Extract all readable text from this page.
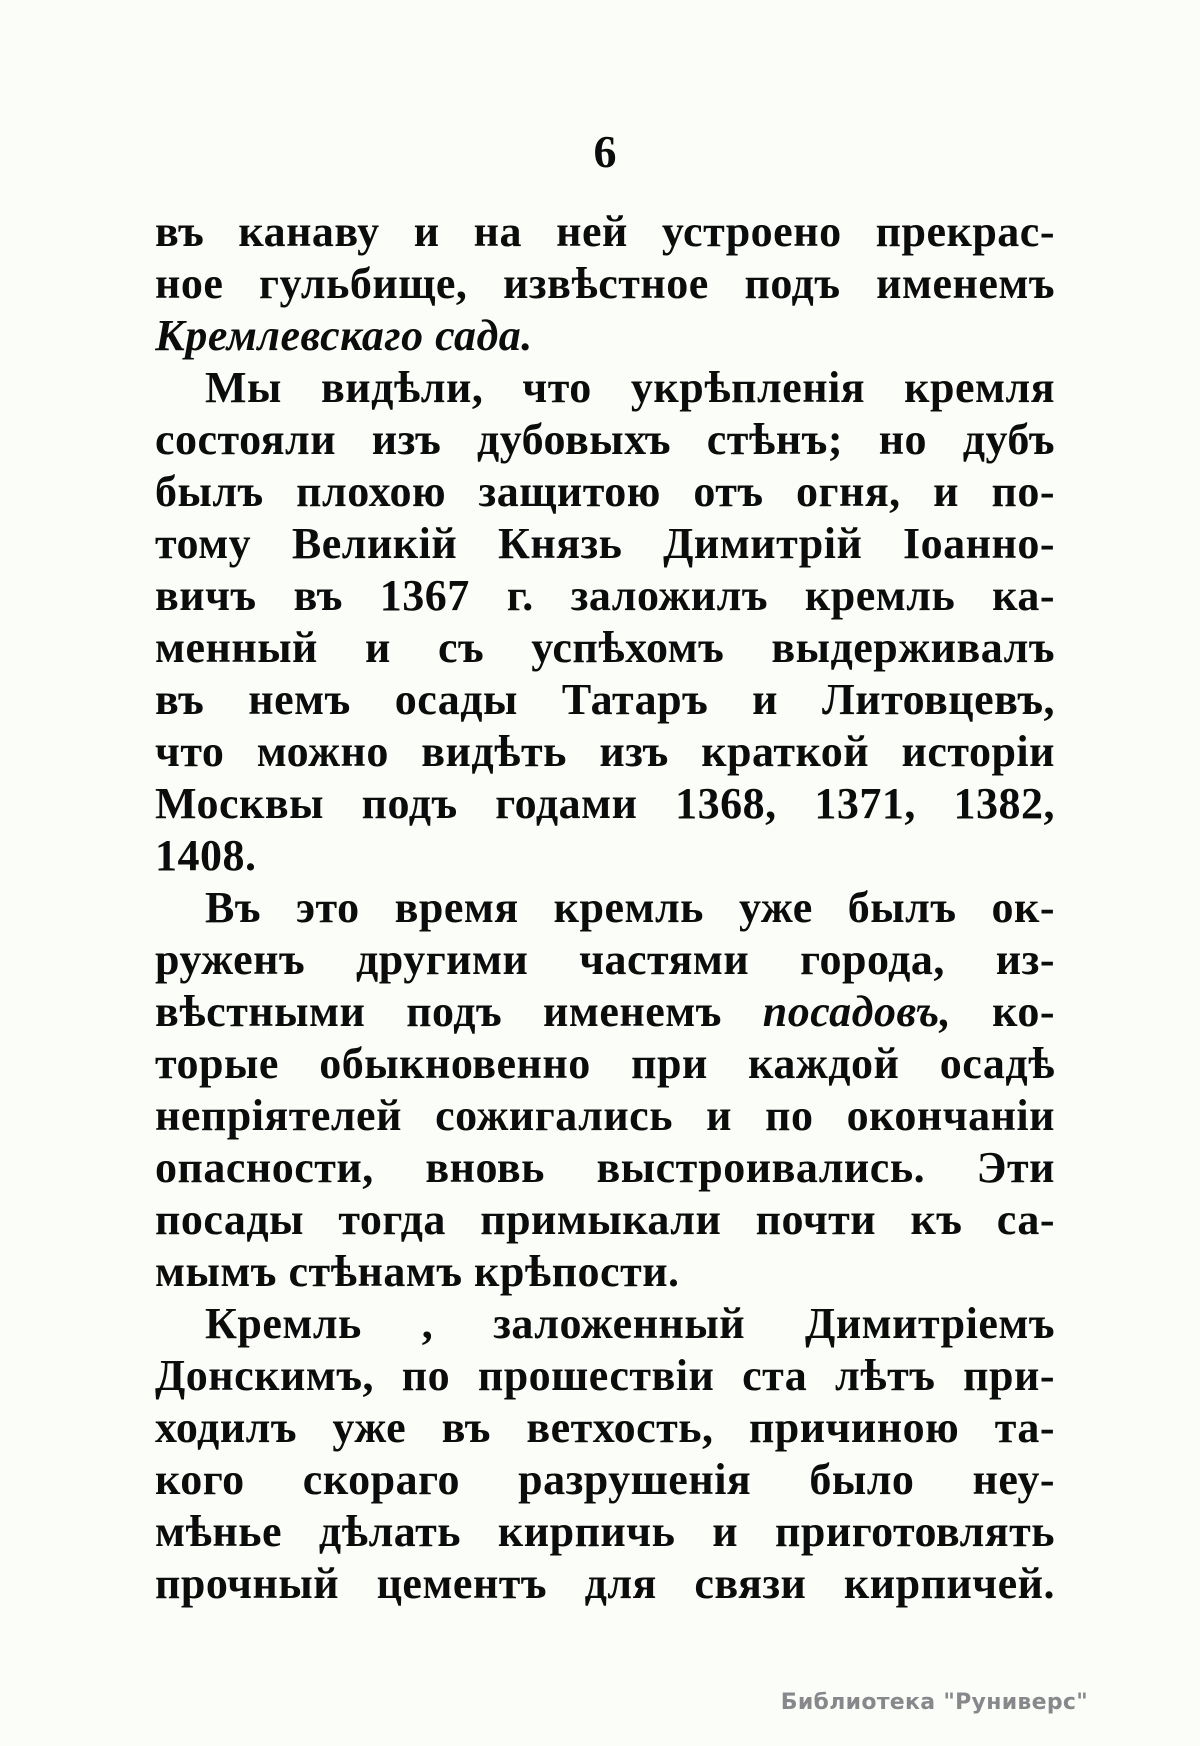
6
въ канаву и на ней устроено прекрас-
ное гульбище, извѣстное подъ именемъ
Кремлевскаго сада.
Мы видѣли, что укрѣпленія кремля
состояли изъ дубовыхъ стѣнъ; но дубъ
былъ плохою защитою отъ огня, и по-
тому Великій Князь Димитрій Іоанно-
вичъ въ 1367 г. заложилъ кремль ка-
менный и съ успѣхомъ выдерживалъ
въ немъ осады Татаръ и Литовцевъ,
что можно видѣть изъ краткой исторіи
Москвы подъ годами 1368, 1371, 1382,
1408.
Въ это время кремль уже былъ ок-
руженъ другими частями города, из-
вѣстными подъ именемъ посадовъ, ко-
торые обыкновенно при каждой осадѣ
непріятелей сожигались и по окончаніи
опасности, вновь выстроивались. Эти
посады тогда примыкали почти къ са-
мымъ стѣнамъ крѣпости.
Кремль , заложенный Димитріемъ
Донскимъ, по прошествіи ста лѣтъ при-
ходилъ уже въ ветхость, причиною та-
кого скораго разрушенія было неу-
мѣнье дѣлать кирпичь и приготовлять
прочный цементъ для связи кирпичей.
Библиотека "Руниверс"
